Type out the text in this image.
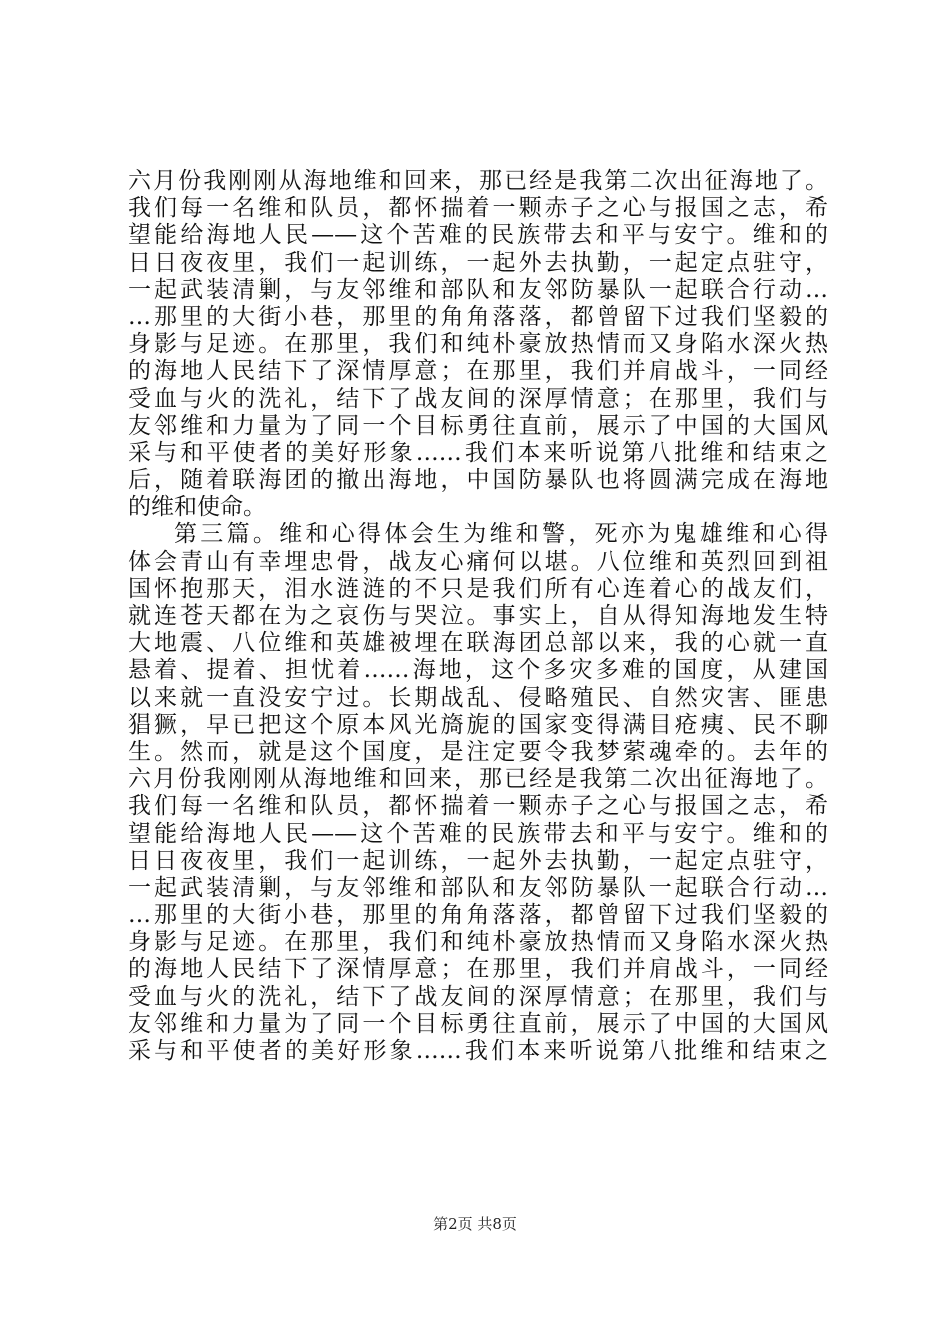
六月份我刚刚从海地维和回来，那已经是我第二次出征海地了。
我们每一名维和队员，都怀揣着一颗赤子之心与报国之志，希
望能给海地人民——这个苦难的民族带去和平与安宁。维和的
日日夜夜里，我们一起训练，一起外去执勤，一起定点驻守，
一起武装清剿，与友邻维和部队和友邻防暴队一起联合行动…
…那里的大街小巷，那里的角角落落，都曾留下过我们坚毅的
身影与足迹。在那里，我们和纯朴豪放热情而又身陷水深火热
的海地人民结下了深情厚意；在那里，我们并肩战斗，一同经
受血与火的洗礼，结下了战友间的深厚情意；在那里，我们与
友邻维和力量为了同一个目标勇往直前，展示了中国的大国风
采与和平使者的美好形象……我们本来听说第八批维和结束之
后，随着联海团的撤出海地，中国防暴队也将圆满完成在海地
的维和使命。
第三篇。维和心得体会生为维和警，死亦为鬼雄维和心得
体会青山有幸埋忠骨，战友心痛何以堪。八位维和英烈回到祖
国怀抱那天，泪水涟涟的不只是我们所有心连着心的战友们，
就连苍天都在为之哀伤与哭泣。事实上，自从得知海地发生特
大地震、八位维和英雄被埋在联海团总部以来，我的心就一直
悬着、提着、担忧着……海地，这个多灾多难的国度，从建国
以来就一直没安宁过。长期战乱、侵略殖民、自然灾害、匪患
猖獗，早已把这个原本风光旖旎的国家变得满目疮痍、民不聊
生。然而，就是这个国度，是注定要令我梦萦魂牵的。去年的
六月份我刚刚从海地维和回来，那已经是我第二次出征海地了。
我们每一名维和队员，都怀揣着一颗赤子之心与报国之志，希
望能给海地人民——这个苦难的民族带去和平与安宁。维和的
日日夜夜里，我们一起训练，一起外去执勤，一起定点驻守，
一起武装清剿，与友邻维和部队和友邻防暴队一起联合行动…
…那里的大街小巷，那里的角角落落，都曾留下过我们坚毅的
身影与足迹。在那里，我们和纯朴豪放热情而又身陷水深火热
的海地人民结下了深情厚意；在那里，我们并肩战斗，一同经
受血与火的洗礼，结下了战友间的深厚情意；在那里，我们与
友邻维和力量为了同一个目标勇往直前，展示了中国的大国风
采与和平使者的美好形象……我们本来听说第八批维和结束之
第2页 共8页
